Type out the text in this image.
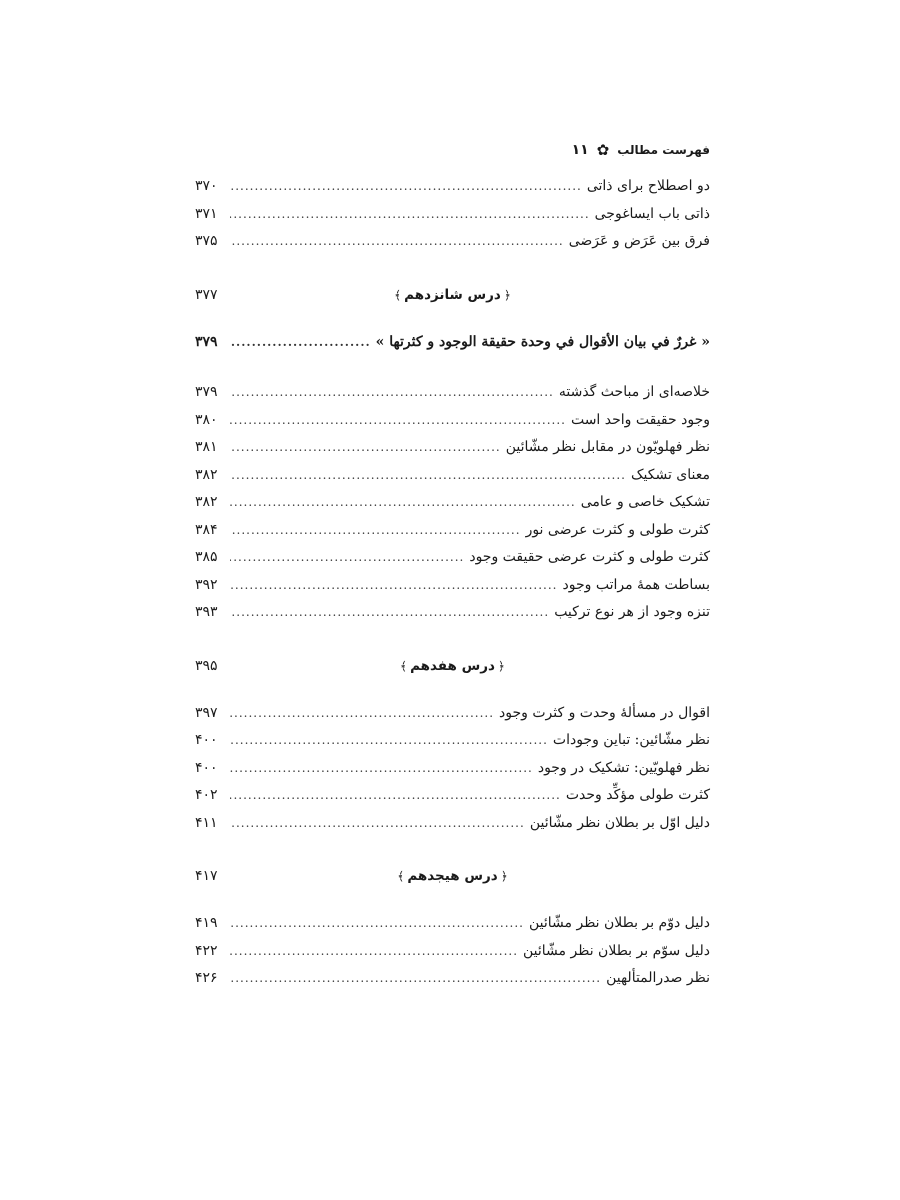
فهرست مطالب
✿
۱۱
دو اصطلاح برای ذاتی
.....
۳۷۰
ذاتی باب ایساغوجی
.....
۳۷۱
فرق بین عَرَض و عَرَضی
.....
۳۷۵
﴿درس شانزدهم﴾
۳۷۷
« غررٌ في بيان الأقوال في وحدة حقيقة الوجود و كثرتها »
.....
۳۷۹
خلاصه‌ای از مباحث گذشته
.....
۳۷۹
وجود حقیقت واحد است
.....
۳۸۰
نظر فهلویّون در مقابل نظر مشّائین
.....
۳۸۱
معنای تشکیک
.....
۳۸۲
تشکیک خاصی و عامی
.....
۳۸۲
کثرت طولی و کثرت عرضی نور
.....
۳۸۴
کثرت طولی و کثرت عرضی حقیقت وجود
.....
۳۸۵
بساطت همهٔ مراتب وجود
.....
۳۹۲
تنزه وجود از هر نوع ترکیب
.....
۳۹۳
﴿درس هفدهم﴾
۳۹۵
اقوال در مسألهٔ وحدت و کثرت وجود
.....
۳۹۷
نظر مشّائین: تباین وجودات
.....
۴۰۰
نظر فهلویّین: تشکیک در وجود
.....
۴۰۰
کثرت طولی مؤکِّد وحدت
.....
۴۰۲
دلیل اوّل بر بطلان نظر مشّائین
.....
۴۱۱
﴿درس هیجدهم﴾
۴۱۷
دلیل دوّم بر بطلان نظر مشّائین
.....
۴۱۹
دلیل سوّم بر بطلان نظر مشّائین
.....
۴۲۲
نظر صدرالمتألهین
.....
۴۲۶
